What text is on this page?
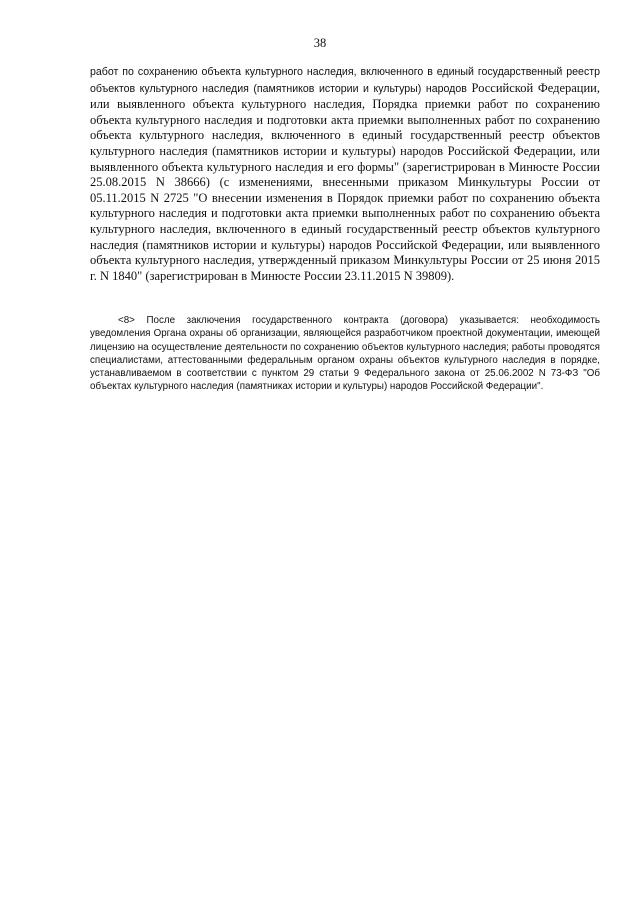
38

работ по сохранению объекта культурного наследия, включенного в единый государственный реестр объектов культурного наследия (памятников истории и культуры) народов Российской Федерации, или выявленного объекта культурного наследия, Порядка приемки работ по сохранению объекта культурного наследия и подготовки акта приемки выполненных работ по сохранению объекта культурного наследия, включенного в единый государственный реестр объектов культурного наследия (памятников истории и культуры) народов Российской Федерации, или выявленного объекта культурного наследия и его формы" (зарегистрирован в Минюсте России 25.08.2015 N 38666) (с изменениями, внесенными приказом Минкультуры России от 05.11.2015 N 2725 "О внесении изменения в Порядок приемки работ по сохранению объекта культурного наследия и подготовки акта приемки выполненных работ по сохранению объекта культурного наследия, включенного в единый государственный реестр объектов культурного наследия (памятников истории и культуры) народов Российской Федерации, или выявленного объекта культурного наследия, утвержденный приказом Минкультуры России от 25 июня 2015 г. N 1840" (зарегистрирован в Минюсте России 23.11.2015 N 39809).

<8> После заключения государственного контракта (договора) указывается: необходимость уведомления Органа охраны об организации, являющейся разработчиком проектной документации, имеющей лицензию на осуществление деятельности по сохранению объектов культурного наследия; работы проводятся специалистами, аттестованными федеральным органом охраны объектов культурного наследия в порядке, устанавливаемом в соответствии с пунктом 29 статьи 9 Федерального закона от 25.06.2002 N 73-ФЗ "Об объектах культурного наследия (памятниках истории и культуры) народов Российской Федерации".
